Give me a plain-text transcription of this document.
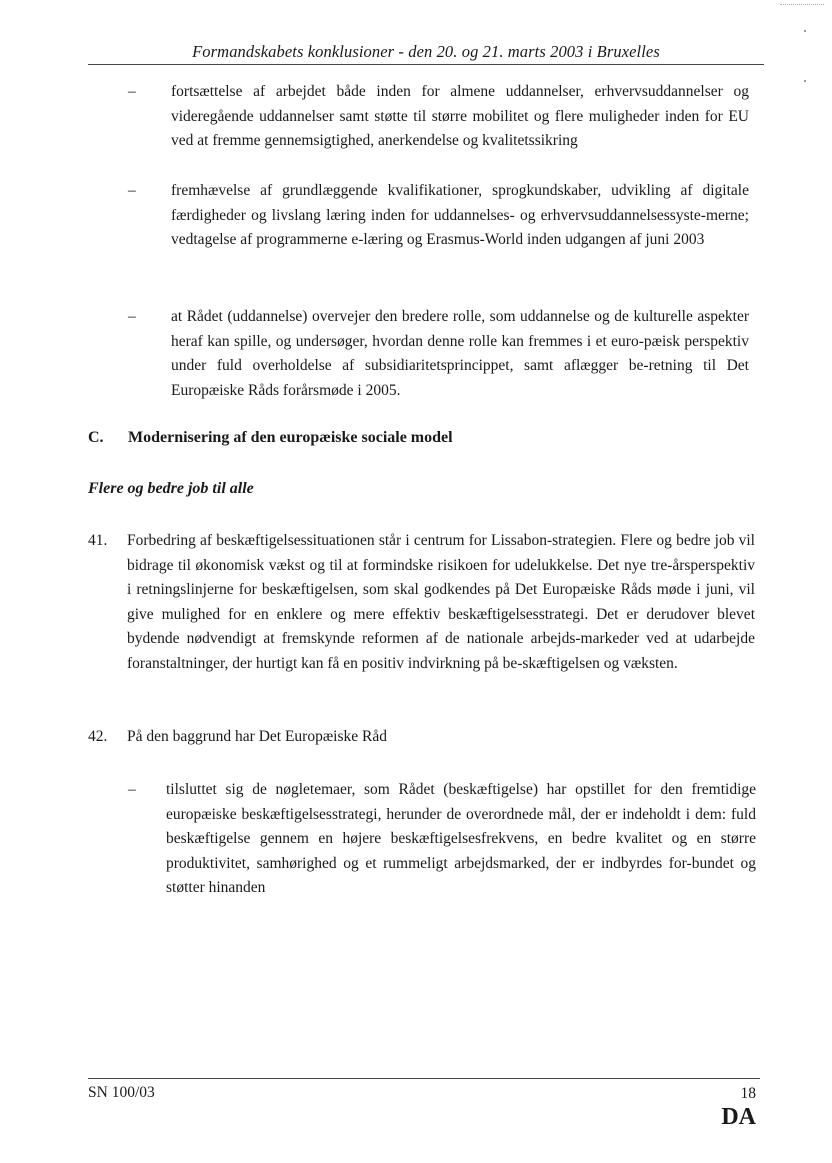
Formandskabets konklusioner - den 20. og 21. marts 2003 i Bruxelles
– fortsættelse af arbejdet både inden for almene uddannelser, erhvervsuddannelser og videregående uddannelser samt støtte til større mobilitet og flere muligheder inden for EU ved at fremme gennemsigtighed, anerkendelse og kvalitetssikring
– fremhævelse af grundlæggende kvalifikationer, sprogkundskaber, udvikling af digitale færdigheder og livslang læring inden for uddannelses- og erhvervsuddannelsessyste-merne; vedtagelse af programmerne e-læring og Erasmus-World inden udgangen af juni 2003
– at Rådet (uddannelse) overvejer den bredere rolle, som uddannelse og de kulturelle aspekter heraf kan spille, og undersøger, hvordan denne rolle kan fremmes i et euro-pæisk perspektiv under fuld overholdelse af subsidiaritetsprincippet, samt aflægger be-retning til Det Europæiske Råds forårsmøde i 2005.
C. Modernisering af den europæiske sociale model
Flere og bedre job til alle
41. Forbedring af beskæftigelsessituationen står i centrum for Lissabon-strategien. Flere og bedre job vil bidrage til økonomisk vækst og til at formindske risikoen for udelukkelse. Det nye tre-årsperspektiv i retningslinjerne for beskæftigelsen, som skal godkendes på Det Europæiske Råds møde i juni, vil give mulighed for en enklere og mere effektiv beskæftigelsesstrategi. Det er derudover blevet bydende nødvendigt at fremskynde reformen af de nationale arbejds-markeder ved at udarbejde foranstaltninger, der hurtigt kan få en positiv indvirkning på be-skæftigelsen og væksten.
42. På den baggrund har Det Europæiske Råd
– tilsluttet sig de nøgletemaer, som Rådet (beskæftigelse) har opstillet for den fremtidige europæiske beskæftigelsesstrategi, herunder de overordnede mål, der er indeholdt i dem: fuld beskæftigelse gennem en højere beskæftigelsesfrekvens, en bedre kvalitet og en større produktivitet, samhørighed og et rummeligt arbejdsmarked, der er indbyrdes for-bundet og støtter hinanden
SN 100/03	18
DA
